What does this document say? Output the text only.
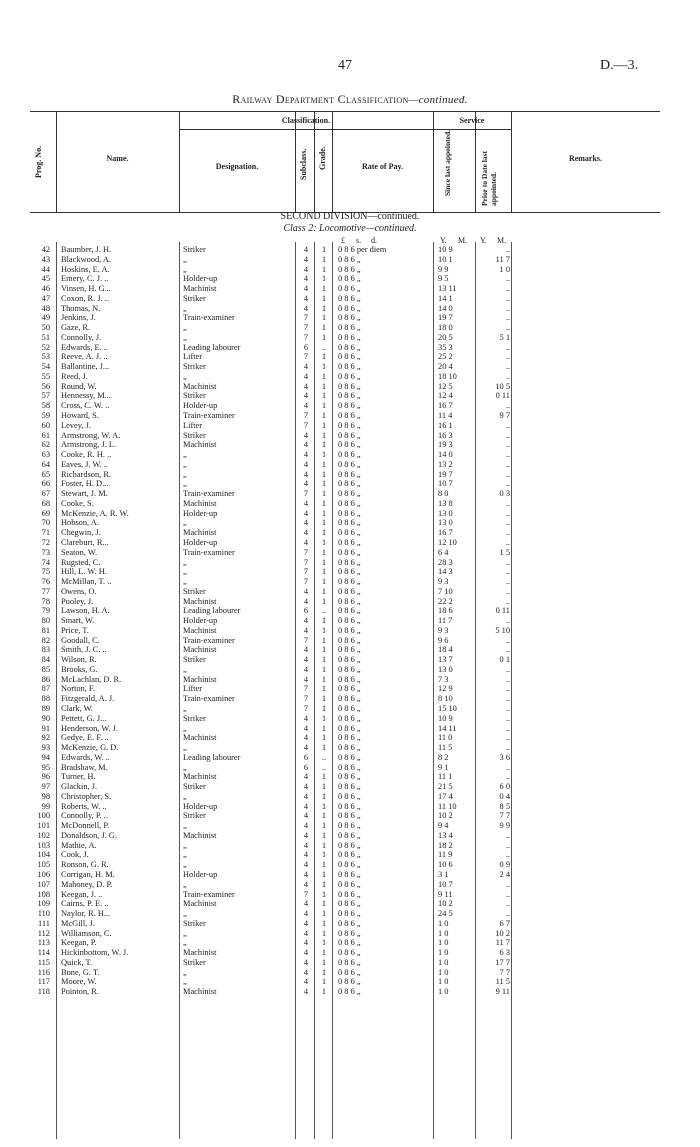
47	D.—3.
Railway Department Classification—continued.
Prog. No.	Name.
Classification.	Service
Designation.	Subclass. Grade.	Rate of Pay.	Since last appointed.	Prior to Date last appointed.
Remarks.
SECOND DIVISION—continued.
Class 2: Locomotive—continued.
£ s. d.	Y. M. Y. M.
42 Baumber, J. H.	Striker	4	1	0 8 6 per diem	10 9	..
43 Blackwood, A.	„	4	1	0 8 6 „	10 1	11 7
44 Hoskins, E. A.	„	4	1	0 8 6 „	9 9	1 0
45 Emery, C. J. ..	Holder-up	4	1	0 8 6 „	9 5	..
46 Vinsen, H. G...	Machinist	4	1	0 8 6 „	13 11	..
47 Coxon, R. J. ..	Striker	4	1	0 8 6 „	14 1	..
48 Thomas, N.	„	4	1	0 8 6 „	14 0	..
49 Jenkins, J.	Train-examiner	7	1	0 8 6 „	19 7	..
50 Gaze, R.	„	7	1	0 8 6 „	18 0	..
51 Connolly, J.	„	7	1	0 8 6 „	20 5	5 1
52 Edwards, E. ..	Leading labourer	6	..	0 8 6 „	35 3	..
53 Reeve, A. J. ..	Lifter	7	1	0 8 6 „	25 2	..
54 Ballantine, J...	Striker	4	1	0 8 6 „	20 4	..
55 Reed, J.	„	4	1	0 8 6 „	18 10	..
56 Round, W.	Machinist	4	1	0 8 6 „	12 5	10 5
57 Hennessy, M...	Striker	4	1	0 8 6 „	12 4	0 11
58 Cross, C. W. ..	Holder-up	4	1	0 8 6 „	16 7	..
59 Howard, S.	Train-examiner	7	1	0 8 6 „	11 4	9 7
60 Levey, J.	Lifter	7	1	0 8 6 „	16 1	..
61 Armstrong, W. A.	Striker	4	1	0 8 6 „	16 3	..
62 Armstrong, J. L.	Machinist	4	1	0 8 6 „	19 3	..
63 Cooke, R. H. ..	„	4	1	0 8 6 „	14 0	..
64 Eaves, J. W. ..	„	4	1	0 8 6 „	13 2	..
65 Richardson, R.	„	4	1	0 8 6 „	19 7	..
66 Foster, H. D...	„	4	1	0 8 6 „	10 7	..
67 Stewart, J. M.	Train-examiner	7	1	0 8 6 „	8 0	0 3
68 Cooke, S.	Machinist	4	1	0 8 6 „	13 8	..
69 McKenzie, A. R. W.	Holder-up	4	1	0 8 6 „	13 0	..
70 Hobson, A.	„	4	1	0 8 6 „	13 0	..
71 Chegwin, J.	Machinist	4	1	0 8 6 „	16 7	..
72 Clareburt, R...	Holder-up	4	1	0 8 6 „	12 10	..
73 Seaton, W.	Train-examiner	7	1	0 8 6 „	6 4	1 5
74 Rugsted, C.	„	7	1	0 8 6 „	28 3	..
75 Hill, L. W. H.	„	7	1	0 8 6 „	14 3	..
76 McMillan, T. ..	„	7	1	0 8 6 „	9 3	..
77 Owens, O.	Striker	4	1	0 8 6 „	7 10	..
78 Pooley, J.	Machinist	4	1	0 8 6 „	22 2	..
79 Lawson, H. A.	Leading labourer	6	..	0 8 6 „	18 6	0 11
80 Smart, W.	Holder-up	4	1	0 8 6 „	11 7	..
81 Price, T.	Machinist	4	1	0 8 6 „	9 3	5 10
82 Goodall, C.	Train-examiner	7	1	0 8 6 „	9 6	..
83 Smith, J. C. ..	Machinist	4	1	0 8 6 „	18 4	..
84 Wilson, R.	Striker	4	1	0 8 6 „	13 7	0 1
85 Brooks, G.	„	4	1	0 8 6 „	13 0	..
86 McLachlan, D. R.	Machinist	4	1	0 8 6 „	7 3	..
87 Norton, F.	Lifter	7	1	0 8 6 „	12 9	..
88 Fitzgerald, A. J.	Train-examiner	7	1	0 8 6 „	8 10	..
89 Clark, W.	„	7	1	0 8 6 „	15 10	..
90 Pettett, G. J...	Striker	4	1	0 8 6 „	10 9	..
91 Henderson, W. J.	„	4	1	0 8 6 „	14 11	..
92 Gedye, E. F. ..	Machinist	4	1	0 8 6 „	11 0	..
93 McKenzie, G. D.	„	4	1	0 8 6 „	11 5	..
94 Edwards, W. ..	Leading labourer	6	..	0 8 6 „	8 2	3 6
95 Bradshaw, M.	„	6	..	0 8 6 „	9 1	..
96 Turner, H.	Machinist	4	1	0 8 6 „	11 1	..
97 Glackin, J.	Striker	4	1	0 8 6 „	21 5	6 0
98 Christopher, S.	„	4	1	0 8 6 „	17 4	0 4
99 Roberts, W. ..	Holder-up	4	1	0 8 6 „	11 10	8 5
100 Connolly, P. ..	Striker	4	1	0 8 6 „	10 2	7 7
101 McDonnell, P.	„	4	1	0 8 6 „	9 4	9 9
102 Donaldson, J. G.	Machinist	4	1	0 8 6 „	13 4	..
103 Mathie, A.	„	4	1	0 8 6 „	18 2	..
104 Cook, J.	„	4	1	0 8 6 „	11 9	..
105 Ronson, G. R.	„	4	1	0 8 6 „	10 6	0 9
106 Corrigan, H. M.	Holder-up	4	1	0 8 6 „	3 1	2 4
107 Mahoney, D. P.	„	4	1	0 8 6 „	10 7	..
108 Keegan, J. ..	Train-examiner	7	1	0 8 6 „	9 11	..
109 Cairns, P. E. ..	Machinist	4	1	0 8 6 „	10 2	..
110 Naylor, R. H...	„	4	1	0 8 6 „	24 5	..
111 McGill, J.	Striker	4	1	0 8 6 „	1 0	6 7
112 Williamson, C.	„	4	1	0 8 6 „	1 0	10 2
113 Keegan, P.	„	4	1	0 8 6 „	1 0	11 7
114 Hickinbottom, W. J.	Machinist	4	1	0 8 6 „	1 0	6 3
115 Quick, T.	Striker	4	1	0 8 6 „	1 0	17 7
116 Bone, G. T.	„	4	1	0 8 6 „	1 0	7 7
117 Moore, W.	„	4	1	0 8 6 „	1 0	11 5
118 Pointon, R.	Machinist	4	1	0 8 6 „	1 0	9 11
